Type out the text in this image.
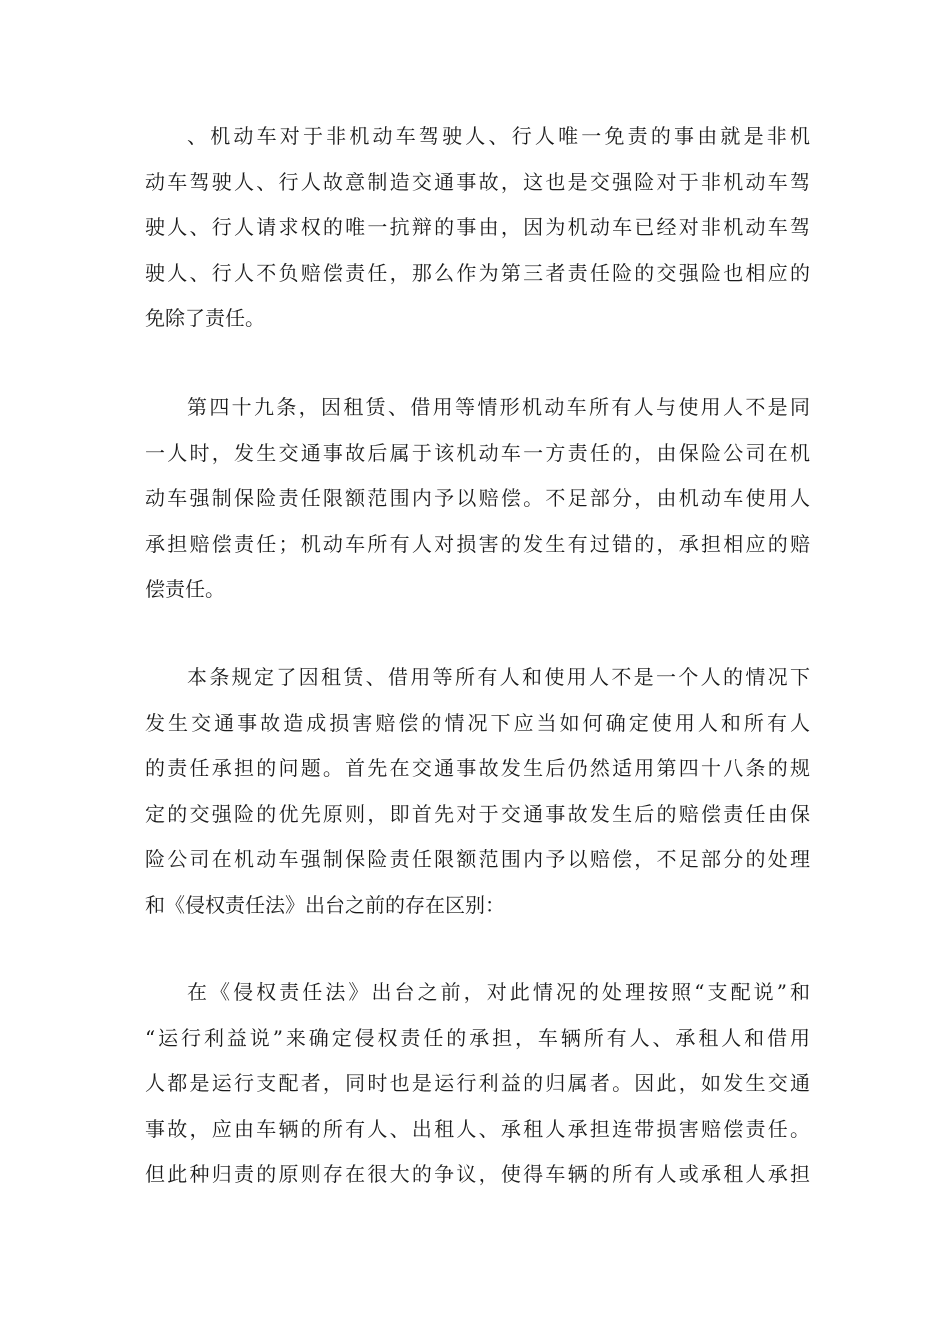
、机动车对于非机动车驾驶人、行人唯一免责的事由就是非机
动车驾驶人、行人故意制造交通事故，这也是交强险对于非机动车驾
驶人、行人请求权的唯一抗辩的事由，因为机动车已经对非机动车驾
驶人、行人不负赔偿责任，那么作为第三者责任险的交强险也相应的
免除了责任。

第四十九条，因租赁、借用等情形机动车所有人与使用人不是同
一人时，发生交通事故后属于该机动车一方责任的，由保险公司在机
动车强制保险责任限额范围内予以赔偿。不足部分，由机动车使用人
承担赔偿责任；机动车所有人对损害的发生有过错的，承担相应的赔
偿责任。

本条规定了因租赁、借用等所有人和使用人不是一个人的情况下
发生交通事故造成损害赔偿的情况下应当如何确定使用人和所有人
的责任承担的问题。首先在交通事故发生后仍然适用第四十八条的规
定的交强险的优先原则，即首先对于交通事故发生后的赔偿责任由保
险公司在机动车强制保险责任限额范围内予以赔偿，不足部分的处理
和《侵权责任法》出台之前的存在区别：

在《侵权责任法》出台之前，对此情况的处理按照“支配说”和
“运行利益说”来确定侵权责任的承担，车辆所有人、承租人和借用
人都是运行支配者，同时也是运行利益的归属者。因此，如发生交通
事故，应由车辆的所有人、出租人、承租人承担连带损害赔偿责任。
但此种归责的原则存在很大的争议，使得车辆的所有人或承租人承担
